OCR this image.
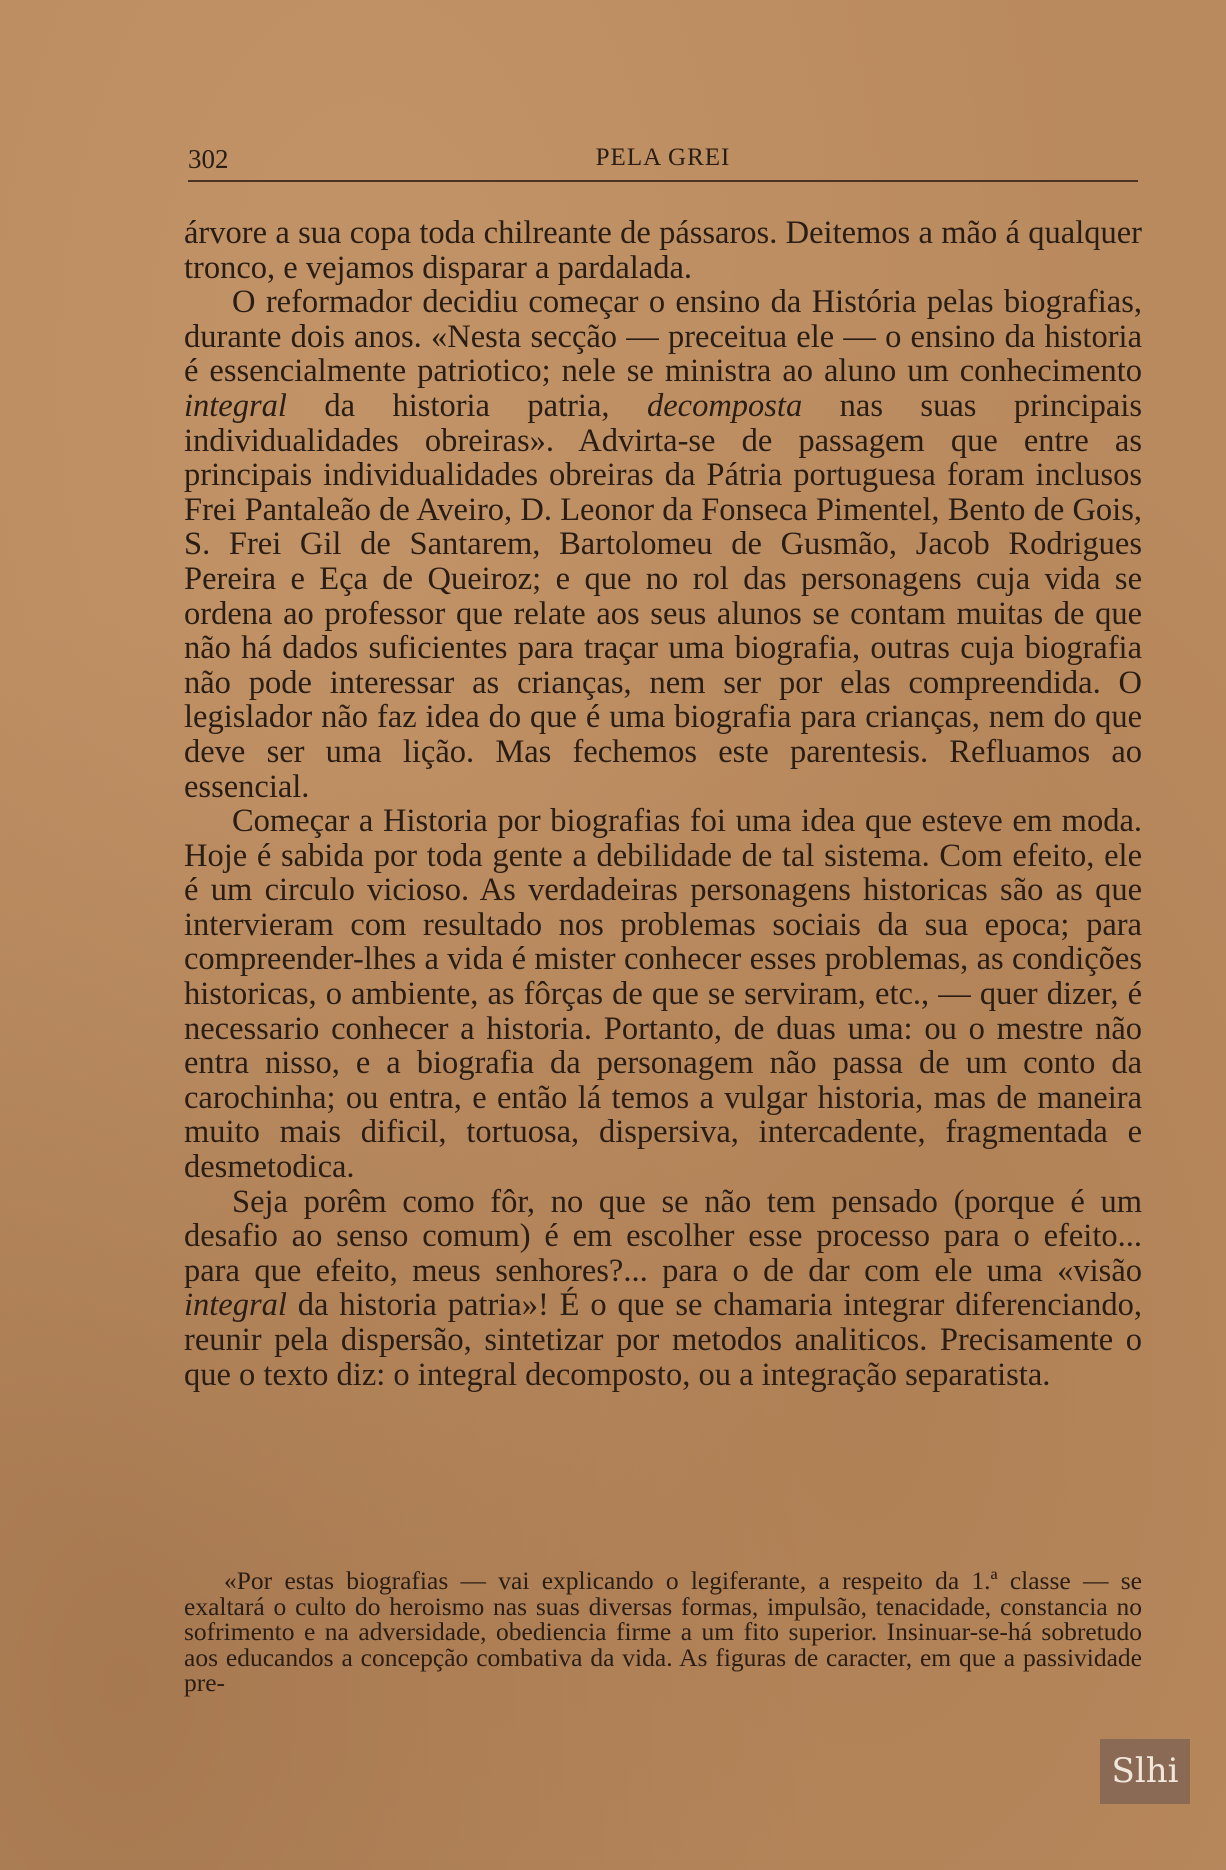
302	PELA GREI

árvore a sua copa toda chilreante de pássaros. Deitemos a mão á qualquer tronco, e vejamos disparar a pardalada.

O reformador decidiu começar o ensino da História pelas biografias, durante dois anos. «Nesta secção — preceitua ele — o ensino da historia é essencialmente patriotico; nele se ministra ao aluno um conhecimento integral da historia patria, decomposta nas suas principais individualidades obreiras». Advirta-se de passagem que entre as principais individualidades obreiras da Pátria portuguesa foram inclusos Frei Pantaleão de Aveiro, D. Leonor da Fonseca Pimentel, Bento de Gois, S. Frei Gil de Santarem, Bartolomeu de Gusmão, Jacob Rodrigues Pereira e Eça de Queiroz; e que no rol das personagens cuja vida se ordena ao professor que relate aos seus alunos se contam muitas de que não há dados suficientes para traçar uma biografia, outras cuja biografia não pode interessar as crianças, nem ser por elas compreendida. O legislador não faz idea do que é uma biografia para crianças, nem do que deve ser uma lição. Mas fechemos este parentesis. Refluamos ao essencial.

Começar a Historia por biografias foi uma idea que esteve em moda. Hoje é sabida por toda gente a debilidade de tal sistema. Com efeito, ele é um circulo vicioso. As verdadeiras personagens historicas são as que intervieram com resultado nos problemas sociais da sua epoca; para compreender-lhes a vida é mister conhecer esses problemas, as condições historicas, o ambiente, as fôrças de que se serviram, etc., — quer dizer, é necessario conhecer a historia. Portanto, de duas uma: ou o mestre não entra nisso, e a biografia da personagem não passa de um conto da carochinha; ou entra, e então lá temos a vulgar historia, mas de maneira muito mais dificil, tortuosa, dispersiva, intercadente, fragmentada e desmetodica.

Seja porêm como fôr, no que se não tem pensado (porque é um desafio ao senso comum) é em escolher esse processo para o efeito... para que efeito, meus senhores?... para o de dar com ele uma «visão integral da historia patria»! É o que se chamaria integrar diferenciando, reunir pela dispersão, sintetizar por metodos analiticos. Precisamente o que o texto diz: o integral decomposto, ou a integração separatista.

«Por estas biografias — vai explicando o legiferante, a respeito da 1.ª classe — se exaltará o culto do heroismo nas suas diversas formas, impulsão, tenacidade, constancia no sofrimento e na adversidade, obediencia firme a um fito superior. Insinuar-se-há sobretudo aos educandos a concepção combativa da vida. As figuras de caracter, em que a passividade pre-
Slhi
